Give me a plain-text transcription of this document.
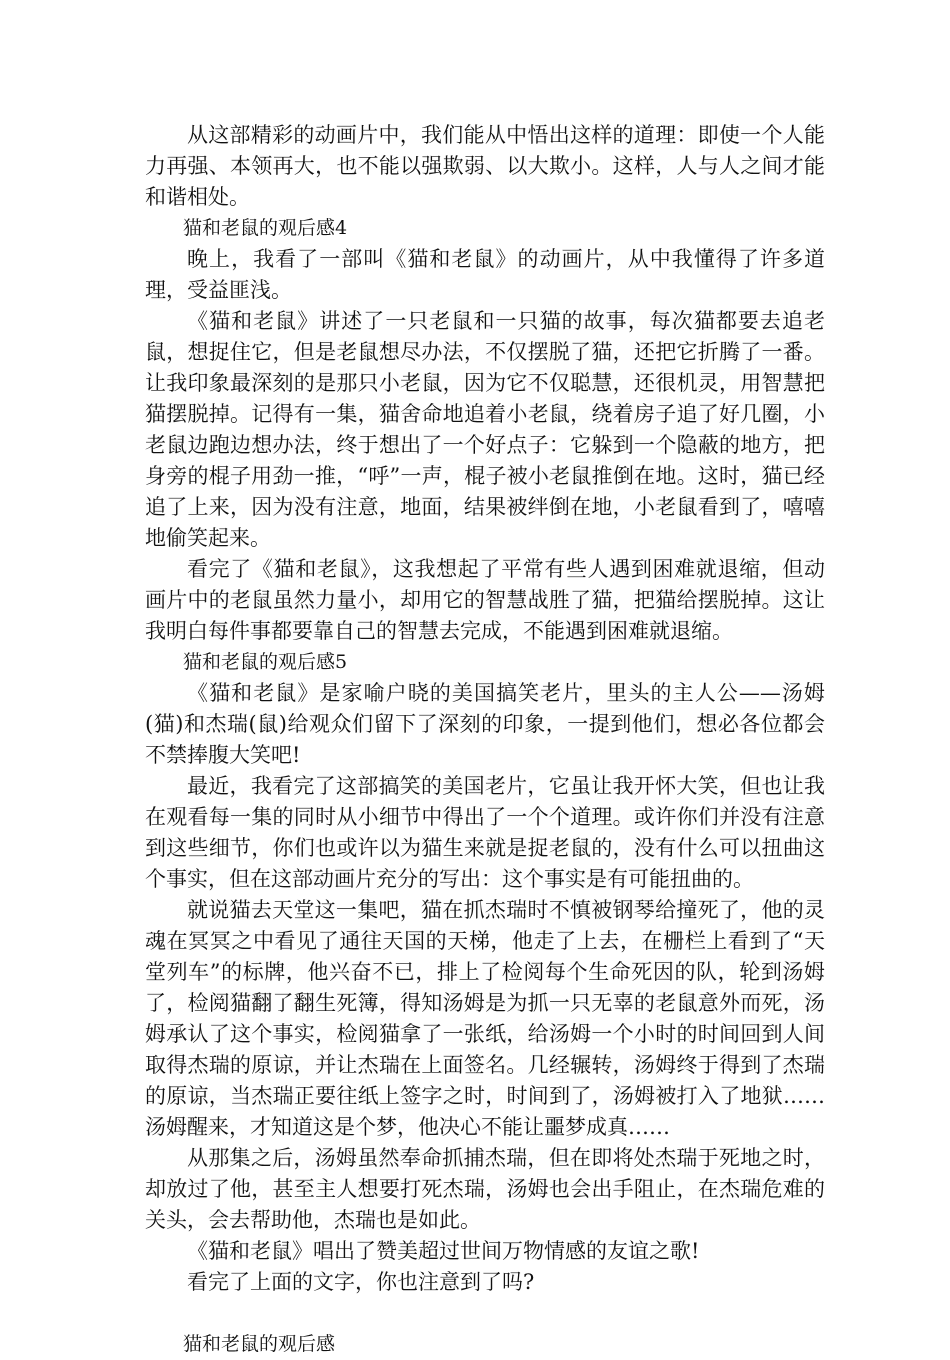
从这部精彩的动画片中，我们能从中悟出这样的道理：即使一个人能力再强、本领再大，也不能以强欺弱、以大欺小。这样，人与人之间才能和谐相处。

猫和老鼠的观后感4

晚上，我看了一部叫《猫和老鼠》的动画片，从中我懂得了许多道理，受益匪浅。

《猫和老鼠》讲述了一只老鼠和一只猫的故事，每次猫都要去追老鼠，想捉住它，但是老鼠想尽办法，不仅摆脱了猫，还把它折腾了一番。让我印象最深刻的是那只小老鼠，因为它不仅聪慧，还很机灵，用智慧把猫摆脱掉。记得有一集，猫舍命地追着小老鼠，绕着房子追了好几圈，小老鼠边跑边想办法，终于想出了一个好点子：它躲到一个隐蔽的地方，把身旁的棍子用劲一推，“呼”一声，棍子被小老鼠推倒在地。这时，猫已经追了上来，因为没有注意，地面，结果被绊倒在地，小老鼠看到了，嘻嘻地偷笑起来。

看完了《猫和老鼠》，这我想起了平常有些人遇到困难就退缩，但动画片中的老鼠虽然力量小，却用它的智慧战胜了猫，把猫给摆脱掉。这让我明白每件事都要靠自己的智慧去完成，不能遇到困难就退缩。

猫和老鼠的观后感5

《猫和老鼠》是家喻户晓的美国搞笑老片，里头的主人公——汤姆(猫)和杰瑞(鼠)给观众们留下了深刻的印象，一提到他们，想必各位都会不禁捧腹大笑吧!

最近，我看完了这部搞笑的美国老片，它虽让我开怀大笑，但也让我在观看每一集的同时从小细节中得出了一个个道理。或许你们并没有注意到这些细节，你们也或许以为猫生来就是捉老鼠的，没有什么可以扭曲这个事实，但在这部动画片充分的写出：这个事实是有可能扭曲的。

就说猫去天堂这一集吧，猫在抓杰瑞时不慎被钢琴给撞死了，他的灵魂在冥冥之中看见了通往天国的天梯，他走了上去，在栅栏上看到了“天堂列车”的标牌，他兴奋不已，排上了检阅每个生命死因的队，轮到汤姆了，检阅猫翻了翻生死簿，得知汤姆是为抓一只无辜的老鼠意外而死，汤姆承认了这个事实，检阅猫拿了一张纸，给汤姆一个小时的时间回到人间取得杰瑞的原谅，并让杰瑞在上面签名。几经辗转，汤姆终于得到了杰瑞的原谅，当杰瑞正要往纸上签字之时，时间到了，汤姆被打入了地狱……汤姆醒来，才知道这是个梦，他决心不能让噩梦成真……

从那集之后，汤姆虽然奉命抓捕杰瑞，但在即将处杰瑞于死地之时，却放过了他，甚至主人想要打死杰瑞，汤姆也会出手阻止，在杰瑞危难的关头，会去帮助他，杰瑞也是如此。

《猫和老鼠》唱出了赞美超过世间万物情感的友谊之歌!

看完了上面的文字，你也注意到了吗?

猫和老鼠的观后感
